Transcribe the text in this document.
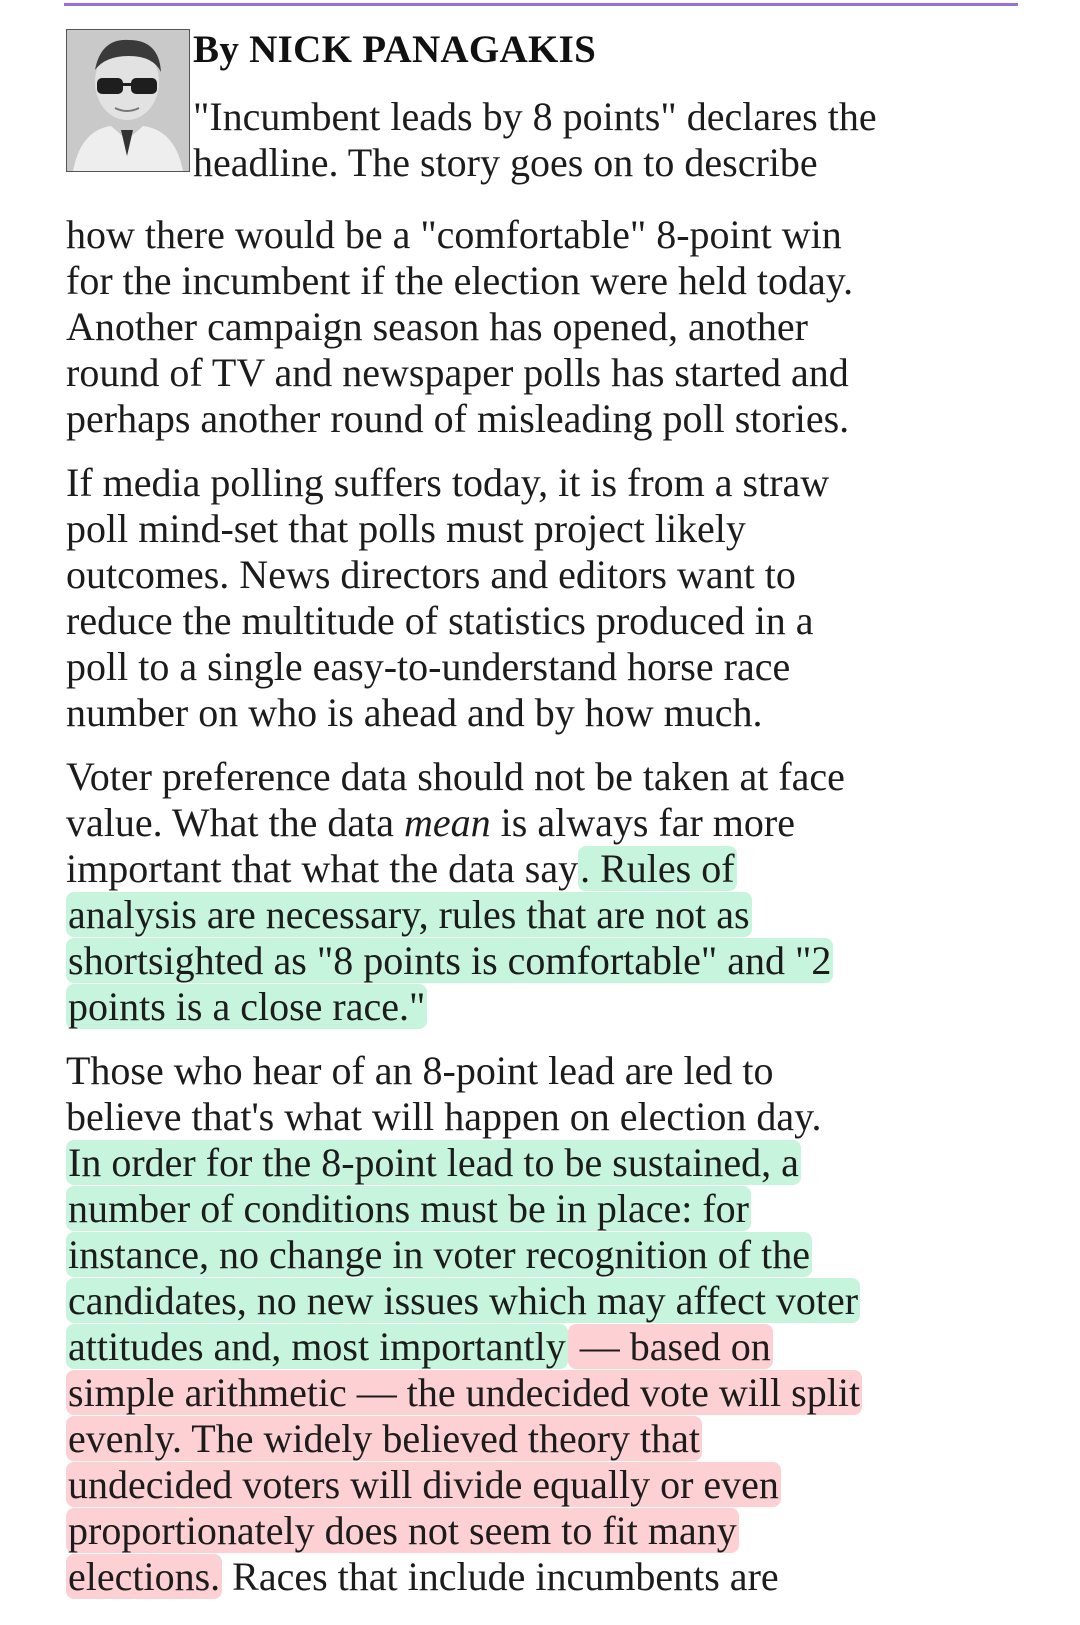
By NICK PANAGAKIS
"Incumbent leads by 8 points" declares the
headline. The story goes on to describe
how there would be a "comfortable" 8-point win
for the incumbent if the election were held today.
Another campaign season has opened, another
round of TV and newspaper polls has started and
perhaps another round of misleading poll stories.
If media polling suffers today, it is from a straw
poll mind-set that polls must project likely
outcomes. News directors and editors want to
reduce the multitude of statistics produced in a
poll to a single easy-to-understand horse race
number on who is ahead and by how much.
Voter preference data should not be taken at face
value. What the data mean is always far more
important that what the data say. Rules of
analysis are necessary, rules that are not as
shortsighted as "8 points is comfortable" and "2
points is a close race."
Those who hear of an 8-point lead are led to
believe that's what will happen on election day.
In order for the 8-point lead to be sustained, a
number of conditions must be in place: for
instance, no change in voter recognition of the
candidates, no new issues which may affect voter
attitudes and, most importantly — based on
simple arithmetic — the undecided vote will split
evenly. The widely believed theory that
undecided voters will divide equally or even
proportionately does not seem to fit many
elections. Races that include incumbents are
